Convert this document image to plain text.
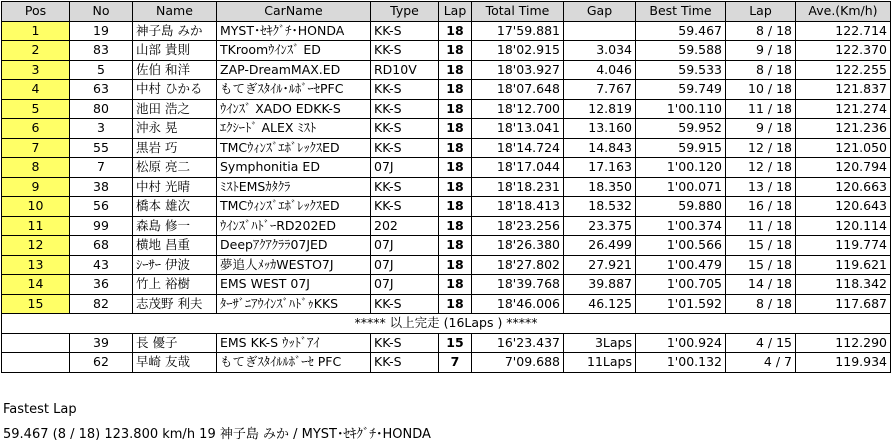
Pos	No	Name	CarName	Type	Lap	Total Time	Gap	Best Time	Lap	Ave.(Km/h)
1	19	神子島 みか	MYST･ｾｷｸﾞﾁ･HONDA	KK-S	18	17'59.881		59.467	8 / 18	122.714
2	83	山部 貴則	TKroomｳｲﾝｽﾞ ED	KK-S	18	18'02.915	3.034	59.588	9 / 18	122.370
3	5	佐伯 和洋	ZAP-DreamMAX.ED	RD10V	18	18'03.927	4.046	59.533	8 / 18	122.255
4	63	中村 ひかる	もてぎｽﾀｲﾙ･ﾙﾎﾞｰｾPFC	KK-S	18	18'07.648	7.767	59.749	10 / 18	121.837
5	80	池田 浩之	ｳｲﾝｽﾞ XADO EDKK-S	KK-S	18	18'12.700	12.819	1'00.110	11 / 18	121.274
6	3	沖永 晃	ｴｸｼｰﾄﾞ ALEX ﾐｽﾄ	KK-S	18	18'13.041	13.160	59.952	9 / 18	121.236
7	55	黒岩 巧	TMCｳｨﾝｽﾞｴﾎﾞﾚｯｸｽED	KK-S	18	18'14.724	14.843	59.915	12 / 18	121.050
8	7	松原 亮二	Symphonitia ED	07J	18	18'17.044	17.163	1'00.120	12 / 18	120.794
9	38	中村 光晴	ﾐｽﾄEMSｶﾀｸﾗ	KK-S	18	18'18.231	18.350	1'00.071	13 / 18	120.663
10	56	橋本 雄次	TMCｳｨﾝｽﾞｴﾎﾞﾚｯｸｽED	KK-S	18	18'18.413	18.532	59.880	16 / 18	120.643
11	99	森島 修一	ｳｲﾝｽﾞﾊﾄﾞｰRD202ED	202	18	18'23.256	23.375	1'00.374	11 / 18	120.114
12	68	横地 昌重	Deepｱｸｱｸﾗﾗ07JED	07J	18	18'26.380	26.499	1'00.566	15 / 18	119.774
13	43	ｼｰｻｰ 伊波	夢追人ﾒｯｶWESTO7J	07J	18	18'27.802	27.921	1'00.479	15 / 18	119.621
14	36	竹上 裕樹	EMS WEST 07J	07J	18	18'39.768	39.887	1'00.705	14 / 18	118.342
15	82	志茂野 利夫	ﾀｰｻﾞﾆｱｳｲﾝｽﾞﾊﾄﾞｩKKS	KK-S	18	18'46.006	46.125	1'01.592	8 / 18	117.687
***** 以上完走 (16Laps ) *****										
	39	長 優子	EMS KK-S ｳｯﾄﾞｱｲ	KK-S	15	16'23.437	3Laps	1'00.924	4 / 15	112.290
	62	早崎 友哉	もてぎｽﾀｲﾙﾙﾎﾞｰｾ PFC	KK-S	7	7'09.688	11Laps	1'00.132	4 / 7	119.934
Fastest Lap
59.467 (8 / 18) 123.800 km/h 19 神子島 みか / MYST･ｾｷｸﾞﾁ･HONDA
